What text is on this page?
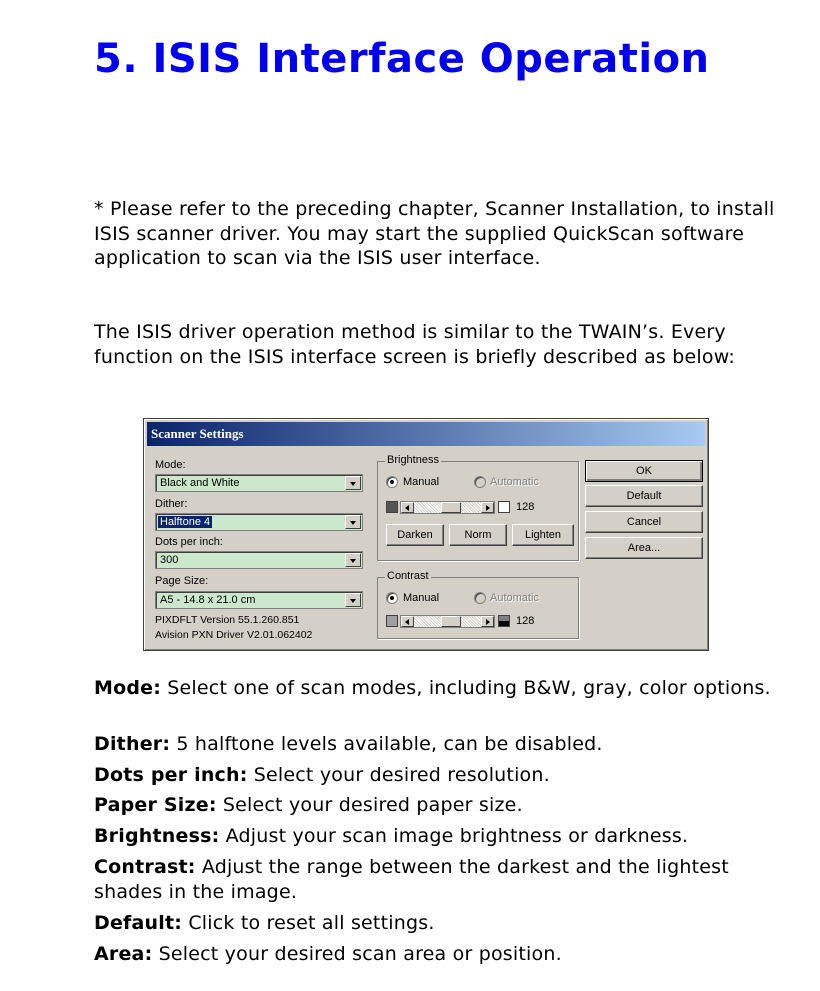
5. ISIS Interface Operation

* Please refer to the preceding chapter, Scanner Installation, to install ISIS scanner driver. You may start the supplied QuickScan software application to scan via the ISIS user interface.

The ISIS driver operation method is similar to the TWAIN’s. Every function on the ISIS interface screen is briefly described as below:

Scanner Settings
Mode:
Black and White
Dither:
Halftone 4
Dots per inch:
300
Page Size:
A5 - 14.8 x 21.0 cm
PIXDFLT Version 55.1.260.851
Avision PXN Driver V2.01.062402
Brightness
Manual	Automatic
128
Darken	Norm	Lighten
Contrast
Manual	Automatic
128
OK
Default
Cancel
Area...
Mode: Select one of scan modes, including B&W, gray, color options.
Dither: 5 halftone levels available, can be disabled.
Dots per inch: Select your desired resolution.
Paper Size: Select your desired paper size.
Brightness: Adjust your scan image brightness or darkness.
Contrast: Adjust the range between the darkest and the lightest shades in the image.
Default: Click to reset all settings.
Area: Select your desired scan area or position.
